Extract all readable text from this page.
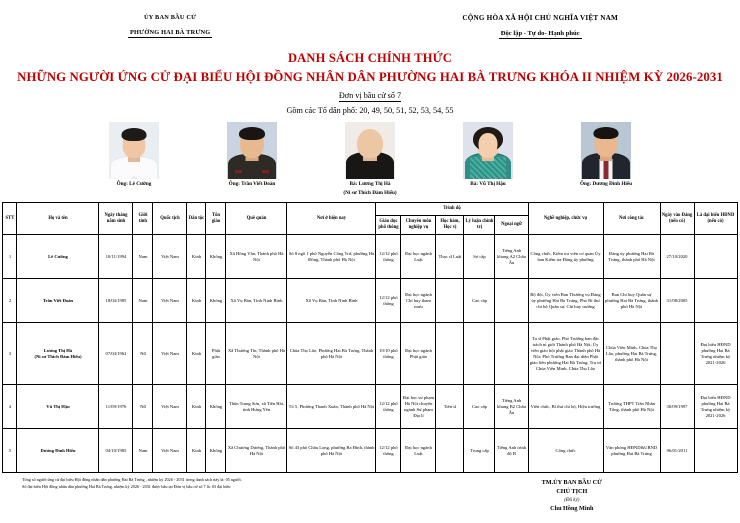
ỦY BAN BẦU CỬ
PHƯỜNG HAI BÀ TRƯNG
CỘNG HÒA XÃ HỘI CHỦ NGHĨA VIỆT NAM
Độc lập - Tự do- Hạnh phúc
DANH SÁCH CHÍNH THỨC
NHỮNG NGƯỜI ỨNG CỬ ĐẠI BIỂU HỘI ĐỒNG NHÂN DÂN PHƯỜNG HAI BÀ TRƯNG KHÓA II NHIỆM KỲ 2026-2031
Đơn vị bầu cử số 7
Gồm các Tổ dân phố: 20, 49, 50, 51, 52, 53, 54, 55
Ông: Lê Cường	Ông: Trần Viết Đoàn	Bà: Lương Thị Hà
(Ni sư Thích Đàm Hiếu)
Bà: Vũ Thị Hậu	Ông: Dương Đình Hiểu
STT	Họ và tên	Ngày tháng năm sinh	Giới tính	Quốc tịch	Dân tộc	Tôn giáo	Quê quán	Nơi ở hiện nay	Trình độ					Nghề nghiệp, chức vụ	Nơi công tác	Ngày vào Đảng (nếu có)	Là đại biểu HĐND (nếu có)
									Giáo dục phổ thông	Chuyên môn nghiệp vụ	Học hàm, Học vị	Lý luận chính trị	Ngoại ngữ				
1	Lê Cường	10/11/1994	Nam	Việt Nam	Kinh	Không	Xã Hồng Vân, Thành phố Hà Nội	Số 8 ngõ 1 phố Nguyễn Công Trứ, phường Hà Đông, Thành phố Hà Nội	12/12 phổ thông	Đại học ngành Luật	Thạc sĩ Luật	Sơ cấp	Tiếng Anh khung A2 Châu Âu	Công chức, Kiểm tra viên cơ quan Ủy ban Kiểm tra Đảng ủy phường	Đảng ủy phường Hai Bà Trưng, thành phố Hà Nội	27/10/2020	
2	Trần Viết Đoàn	18/04/1985	Nam	Việt Nam	Kinh	Không	Xã Vụ Bản, Tỉnh Ninh Bình	Xã Vụ Bản, Tỉnh Ninh Bình	12/12 phổ thông	Đại học ngành Chỉ huy tham mưu		Cao cấp		Bộ đội, Ủy viên Ban Thường vụ Đảng ủy phường Hai Bà Trưng, Phó Bí thư chi bộ Quân sự, Chỉ huy trưởng	Ban Chỉ huy Quân sự phường Hai Bà Trưng, thành phố Hà Nội	31/08/2005	
3	Lương Thị Hà
(Ni sư Thích Đàm Hiếu)	07/04/1962	Nữ	Việt Nam	Kinh	Phật giáo	Xã Thường Tín, Thành phố Hà Nội	Chùa Thọ Lão, Phường Hai Bà Trưng, Thành phố Hà Nội	10/10 phổ thông	Đại học ngành Phật giáo				Tu sĩ Phật giáo, Phó Trưởng ban đặc trách ni giới Thành phố Hà Nội; Ủy viên giáo hội phật giáo Thành phố Hà Nội; Phó Trưởng Ban đại diện Phật giáo liên phường Hai Bà Trưng; Trụ trì Chùa Viên Minh, Chùa Thọ Lão	Chùa Viên Minh, Chùa Thọ Lão, phường Hai Bà Trưng, thành phố Hà Nội		Đại biểu HĐND phường Hai Bà Trưng nhiệm kỳ 2021-2026
4	Vũ Thị Hậu	11/09/1976	Nữ	Việt Nam	Kinh	Không	Thôn Trung Sơn, xã Tiên Hải, tỉnh Hưng Yên	Tổ 5, Phường Thanh Xuân, Thành phố Hà Nội	12/12 phổ thông	Đại học sư phạm Hà Nội chuyên ngành Sư phạm Địa lí	Tiến sĩ	Cao cấp	Tiếng Anh khung B2 Châu Âu	Viên chức, Bí thư chi bộ, Hiệu trưởng	Trường THPT Trần Nhân Tông, thành phố Hà Nội	30/09/1997	Đại biểu HĐND phường Hai Bà Trưng nhiệm kỳ 2021-2026
5	Dương Đình Hiểu	04/10/1985	Nam	Việt Nam	Kinh	Không	Xã Chương Dương, Thành phố Hà Nội	Số 43 phố Châu Long, phường Ba Đình, thành phố Hà Nội	12/12 phổ thông	Đại học ngành Luật		Trung cấp	Tiếng Anh trình độ B	Công chức	Văn phòng HĐND&UBND phường Hai Bà Trưng	06/01/2011	
Tổng số người ứng cử đại biểu Hội đồng nhân dân phường Hai Bà Trưng , nhiệm kỳ 2026 - 2031 trong danh sách này là: 05 người.
Số đại biểu Hội đồng nhân dân phường Hai Bà Trưng, nhiệm kỳ 2026 - 2031 được bầu tại Đơn vị bầu cử số 7 là: 03 đại biểu	TM.ỦY BAN BẦU CỬ
CHỦ TỊCH
(Đã ký)
Chu Hồng Minh
